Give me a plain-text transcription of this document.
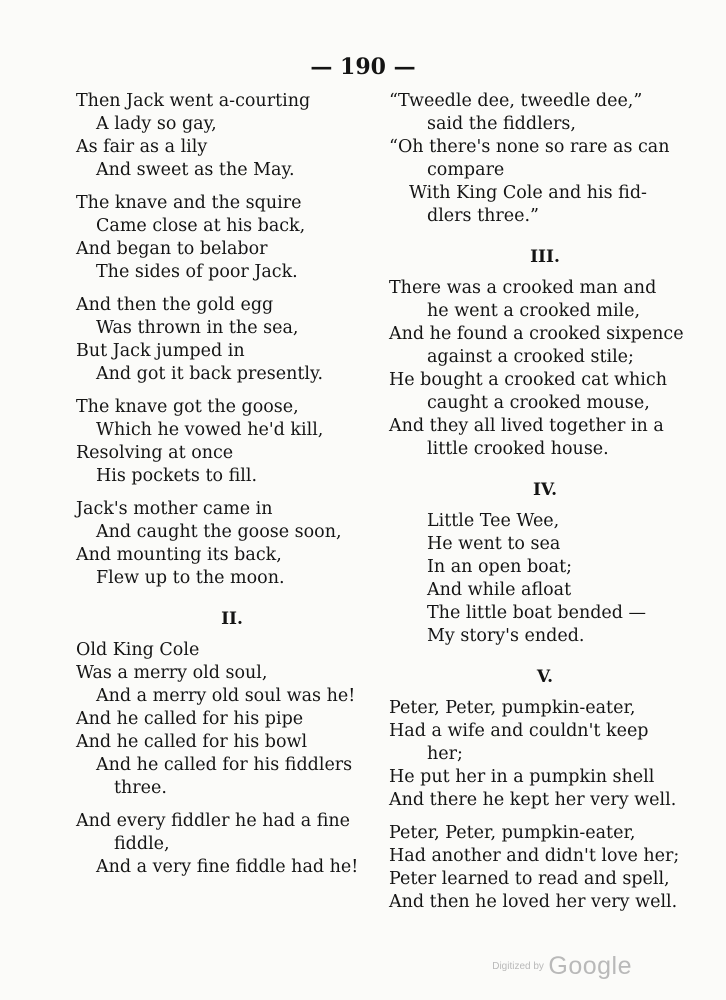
— 190 —
Then Jack went a-courting
A lady so gay,
As fair as a lily
And sweet as the May.
The knave and the squire
Came close at his back,
And began to belabor
The sides of poor Jack.
And then the gold egg
Was thrown in the sea,
But Jack jumped in
And got it back presently.
The knave got the goose,
Which he vowed he'd kill,
Resolving at once
His pockets to fill.
Jack's mother came in
And caught the goose soon,
And mounting its back,
Flew up to the moon.
II.
Old King Cole
Was a merry old soul,
And a merry old soul was he!
And he called for his pipe
And he called for his bowl
And he called for his fiddlers
three.
And every fiddler he had a fine
fiddle,
And a very fine fiddle had he!
“Tweedle dee, tweedle dee,”
said the fiddlers,
“Oh there's none so rare as can
compare
With King Cole and his fid-
dlers three.”
III.
There was a crooked man and
he went a crooked mile,
And he found a crooked sixpence
against a crooked stile;
He bought a crooked cat which
caught a crooked mouse,
And they all lived together in a
little crooked house.
IV.
Little Tee Wee,
He went to sea
In an open boat;
And while afloat
The little boat bended —
My story's ended.
V.
Peter, Peter, pumpkin-eater,
Had a wife and couldn't keep
her;
He put her in a pumpkin shell
And there he kept her very well.
Peter, Peter, pumpkin-eater,
Had another and didn't love her;
Peter learned to read and spell,
And then he loved her very well.
Digitized by Google
